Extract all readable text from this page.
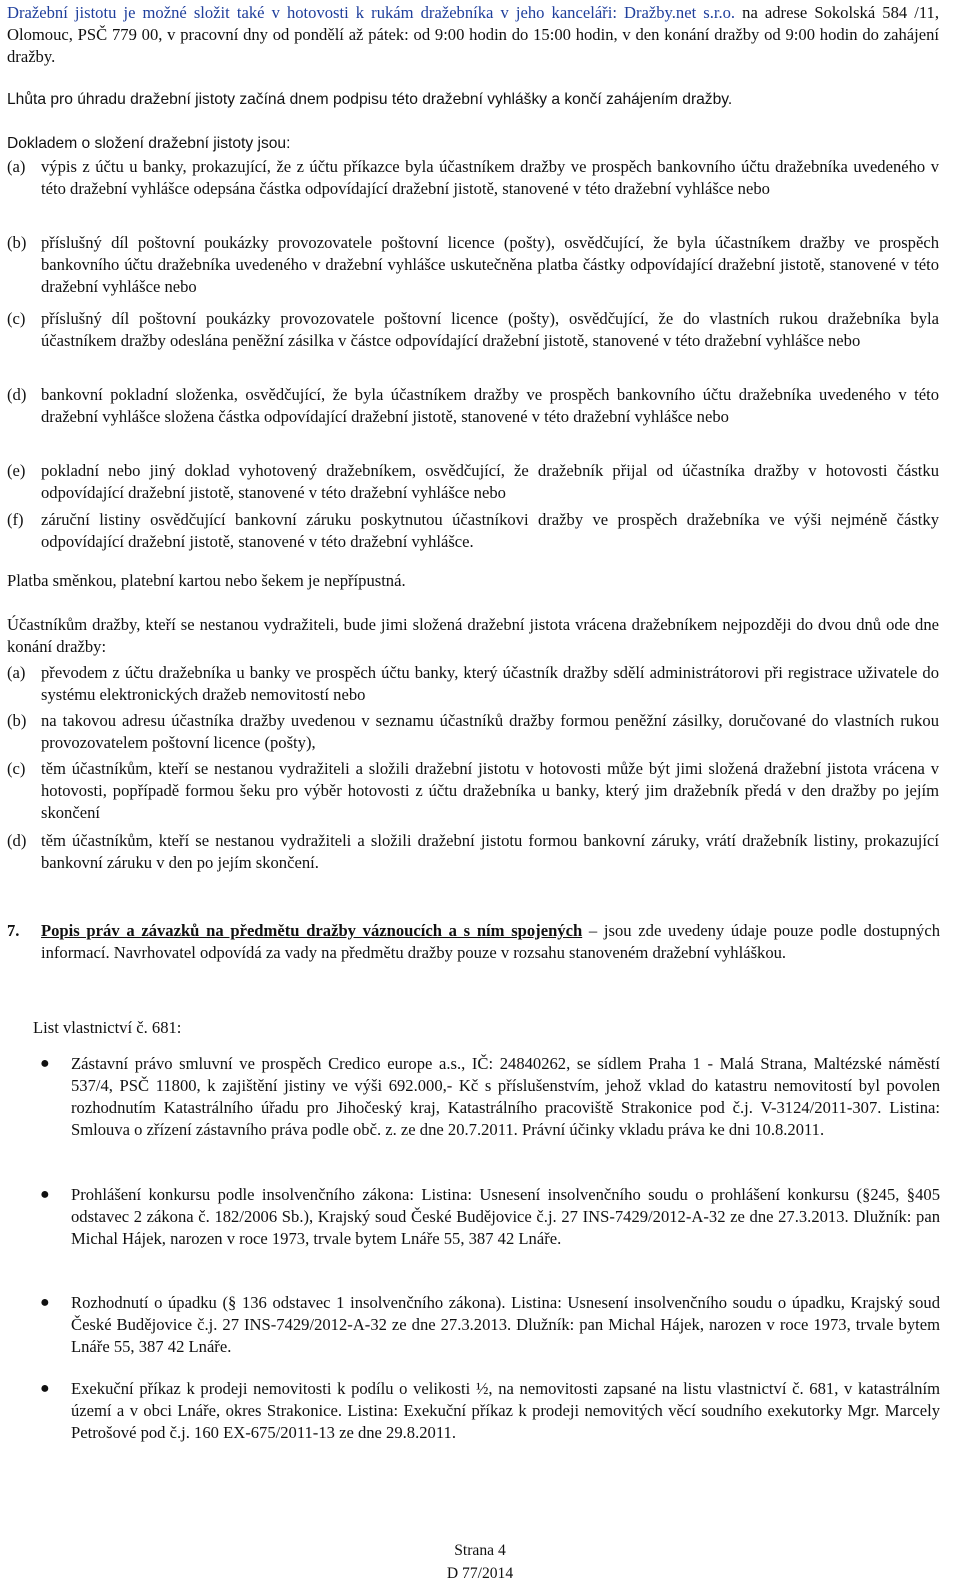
Dražební jistotu je možné složit také v hotovosti k rukám dražebníka v jeho kanceláři: Dražby.net s.r.o. na adrese Sokolská 584 /11, Olomouc, PSČ 779 00, v pracovní dny od pondělí až pátek: od 9:00 hodin do 15:00 hodin, v den konání dražby od 9:00 hodin do zahájení dražby.

Lhůta pro úhradu dražební jistoty začíná dnem podpisu této dražební vyhlášky a končí zahájením dražby.

Dokladem o složení dražební jistoty jsou:

(a) výpis z účtu u banky, prokazující, že z účtu příkazce byla účastníkem dražby ve prospěch bankovního účtu dražebníka uvedeného v této dražební vyhlášce odepsána částka odpovídající dražební jistotě, stanovené v této dražební vyhlášce nebo
(b) příslušný díl poštovní poukázky provozovatele poštovní licence (pošty), osvědčující, že byla účastníkem dražby ve prospěch bankovního účtu dražebníka uvedeného v dražební vyhlášce uskutečněna platba částky odpovídající dražební jistotě, stanovené v této dražební vyhlášce nebo
(c) příslušný díl poštovní poukázky provozovatele poštovní licence (pošty), osvědčující, že do vlastních rukou dražebníka byla účastníkem dražby odeslána peněžní zásilka v částce odpovídající dražební jistotě, stanovené v této dražební vyhlášce nebo
(d) bankovní pokladní složenka, osvědčující, že byla účastníkem dražby ve prospěch bankovního účtu dražebníka uvedeného v této dražební vyhlášce složena částka odpovídající dražební jistotě, stanovené v této dražební vyhlášce nebo
(e) pokladní nebo jiný doklad vyhotovený dražebníkem, osvědčující, že dražebník přijal od účastníka dražby v hotovosti částku odpovídající dražební jistotě, stanovené v této dražební vyhlášce nebo
(f) záruční listiny osvědčující bankovní záruku poskytnutou účastníkovi dražby ve prospěch dražebníka ve výši nejméně částky odpovídající dražební jistotě, stanovené v této dražební vyhlášce.

Platba směnkou, platební kartou nebo šekem je nepřípustná.

Účastníkům dražby, kteří se nestanou vydražiteli, bude jimi složená dražební jistota vrácena dražebníkem nejpozději do dvou dnů ode dne konání dražby:

(a) převodem z účtu dražebníka u banky ve prospěch účtu banky, který účastník dražby sdělí administrátorovi při registrace uživatele do systému elektronických dražeb nemovitostí nebo
(b) na takovou adresu účastníka dražby uvedenou v seznamu účastníků dražby formou peněžní zásilky, doručované do vlastních rukou provozovatelem poštovní licence (pošty),
(c) těm účastníkům, kteří se nestanou vydražiteli a složili dražební jistotu v hotovosti může být jimi složená dražební jistota vrácena v hotovosti, popřípadě formou šeku pro výběr hotovosti z účtu dražebníka u banky, který jim dražebník předá v den dražby po jejím skončení
(d) těm účastníkům, kteří se nestanou vydražiteli a složili dražební jistotu formou bankovní záruky, vrátí dražebník listiny, prokazující bankovní záruku v den po jejím skončení.
7. Popis práv a závazků na předmětu dražby váznoucích a s ním spojených – jsou zde uvedeny údaje pouze podle dostupných informací. Navrhovatel odpovídá za vady na předmětu dražby pouze v rozsahu stanoveném dražební vyhláškou.

List vlastnictví č. 681:

● Zástavní právo smluvní ve prospěch Credico europe a.s., IČ: 24840262, se sídlem Praha 1 - Malá Strana, Maltézské náměstí 537/4, PSČ 11800, k zajištění jistiny ve výši 692.000,- Kč s příslušenstvím, jehož vklad do katastru nemovitostí byl povolen rozhodnutím Katastrálního úřadu pro Jihočeský kraj, Katastrálního pracoviště Strakonice pod č.j. V-3124/2011-307. Listina: Smlouva o zřízení zástavního práva podle obč. z. ze dne 20.7.2011. Právní účinky vkladu práva ke dni 10.8.2011.

● Prohlášení konkursu podle insolvenčního zákona: Listina: Usnesení insolvenčního soudu o prohlášení konkursu (§245, §405 odstavec 2 zákona č. 182/2006 Sb.), Krajský soud České Budějovice č.j. 27 INS-7429/2012-A-32 ze dne 27.3.2013. Dlužník: pan Michal Hájek, narozen v roce 1973, trvale bytem Lnáře 55, 387 42 Lnáře.

● Rozhodnutí o úpadku (§ 136 odstavec 1 insolvenčního zákona). Listina: Usnesení insolvenčního soudu o úpadku, Krajský soud České Budějovice č.j. 27 INS-7429/2012-A-32 ze dne 27.3.2013. Dlužník: pan Michal Hájek, narozen v roce 1973, trvale bytem Lnáře 55, 387 42 Lnáře.

● Exekuční příkaz k prodeji nemovitosti k podílu o velikosti ½, na nemovitosti zapsané na listu vlastnictví č. 681, v katastrálním území a v obci Lnáře, okres Strakonice. Listina: Exekuční příkaz k prodeji nemovitých věcí soudního exekutorky Mgr. Marcely Petrošové pod č.j. 160 EX-675/2011-13 ze dne 29.8.2011.

Strana 4
D 77/2014
